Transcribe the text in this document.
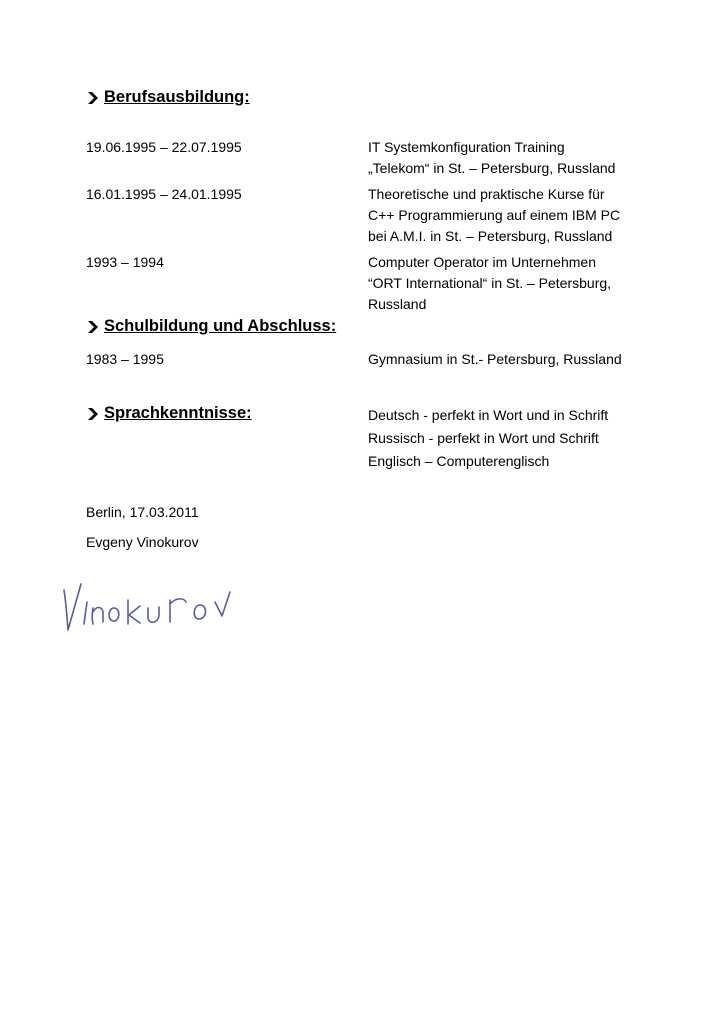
Berufsausbildung:
19.06.1995 – 22.07.1995	IT Systemkonfiguration Training
„Telekom“ in St. – Petersburg, Russland
16.01.1995 – 24.01.1995	Theoretische und praktische Kurse für
C++ Programmierung auf einem IBM PC
bei A.M.I. in St. – Petersburg, Russland
1993 – 1994	Computer Operator im Unternehmen
“ORT International“ in St. – Petersburg,
Russland
Schulbildung und Abschluss:
1983 – 1995	Gymnasium in St.- Petersburg, Russland
Sprachkenntnisse:	Deutsch - perfekt in Wort und in Schrift
Russisch - perfekt in Wort und Schrift
Englisch – Computerenglisch
Berlin, 17.03.2011
Evgeny Vinokurov
